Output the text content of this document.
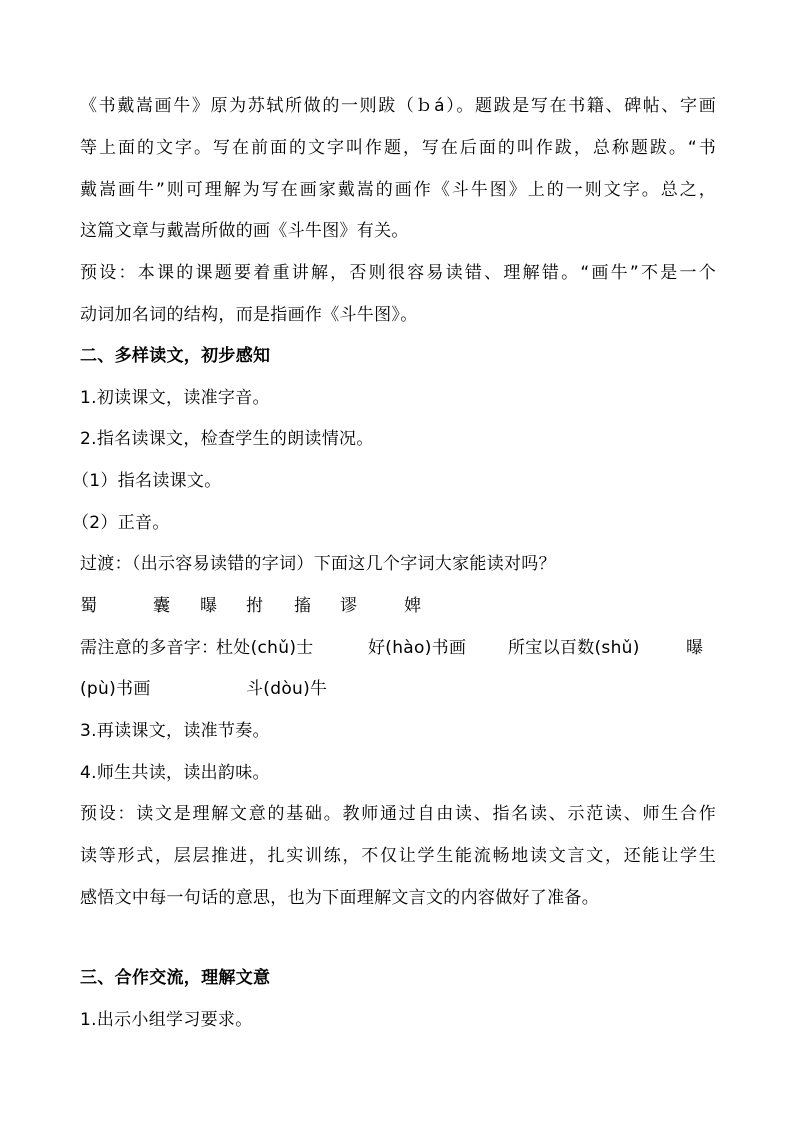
《书戴嵩画牛》原为苏轼所做的一则跋（ｂá）。题跋是写在书籍、碑帖、字画
等上面的文字。写在前面的文字叫作题，写在后面的叫作跋，总称题跋。“书
戴嵩画牛”则可理解为写在画家戴嵩的画作《斗牛图》上的一则文字。总之，
这篇文章与戴嵩所做的画《斗牛图》有关。
预设：本课的课题要着重讲解，否则很容易读错、理解错。“画牛”不是一个
动词加名词的结构，而是指画作《斗牛图》。
二、多样读文，初步感知
1.初读课文，读准字音。
2.指名读课文，检查学生的朗读情况。
（1）指名读课文。
（2）正音。
过渡：（出示容易读错的字词）下面这几个字词大家能读对吗？
蜀	囊 曝 拊 搐 谬	婢
需注意的多音字：
杜处(chǔ)士	好(hào)书画 所宝以百数(shǔ)	曝
(pù)书画	斗(dòu)牛
3.再读课文，读准节奏。
4.师生共读，读出韵味。
预设：读文是理解文意的基础。教师通过自由读、指名读、示范读、师生合作
读等形式，层层推进，扎实训练，不仅让学生能流畅地读文言文，还能让学生
感悟文中每一句话的意思，也为下面理解文言文的内容做好了准备。
三、合作交流，理解文意
1.出示小组学习要求。
